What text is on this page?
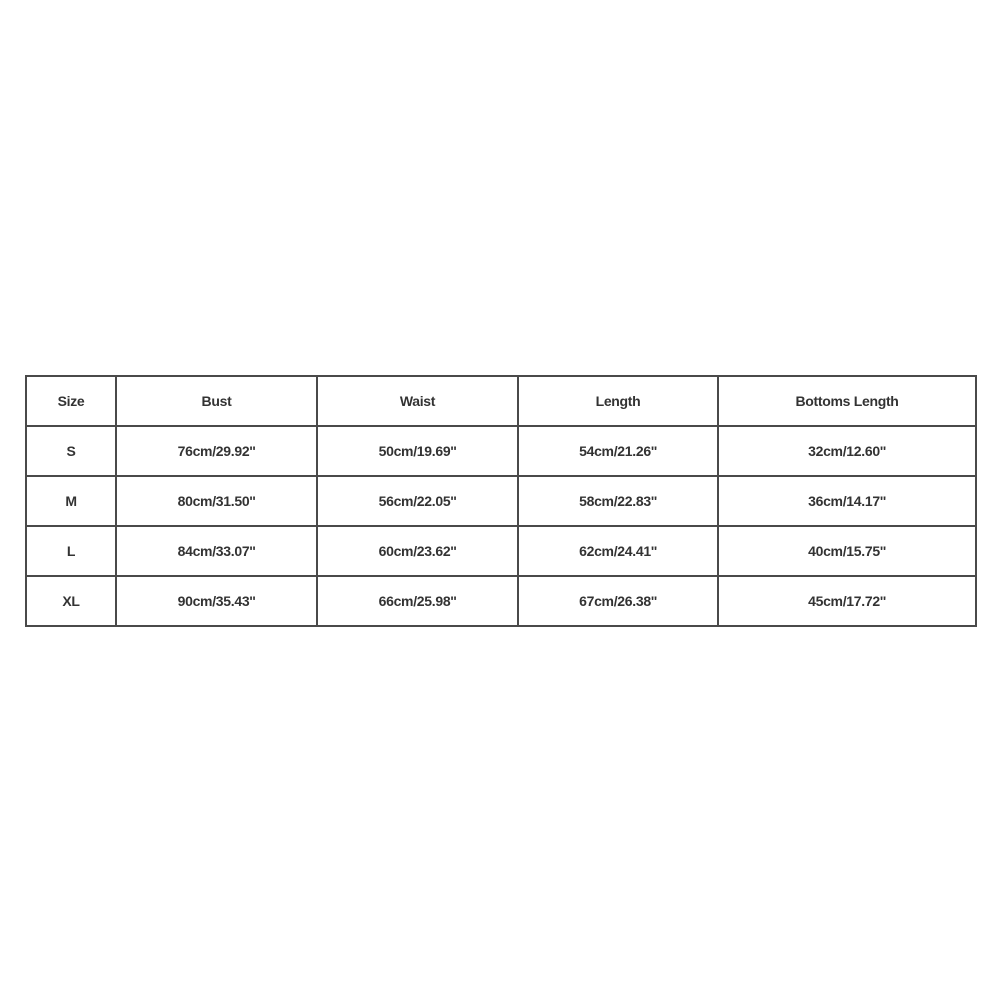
Size	Bust	Waist	Length	Bottoms Length
S	76cm/29.92''	50cm/19.69''	54cm/21.26''	32cm/12.60''
M	80cm/31.50''	56cm/22.05''	58cm/22.83''	36cm/14.17''
L	84cm/33.07''	60cm/23.62''	62cm/24.41''	40cm/15.75''
XL	90cm/35.43''	66cm/25.98''	67cm/26.38''	45cm/17.72''
